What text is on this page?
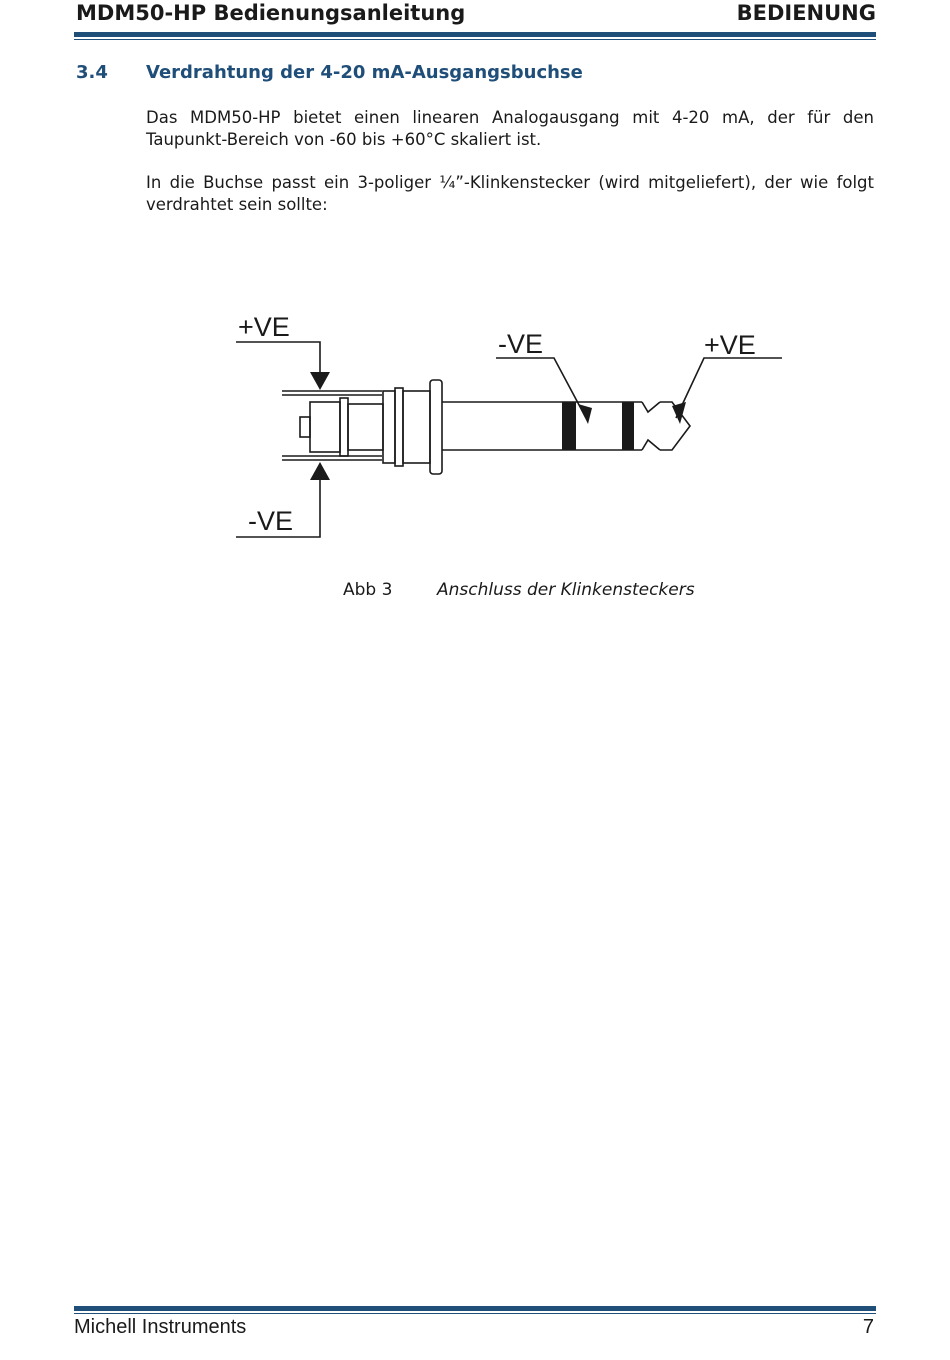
MDM50-HP Bedienungsanleitung	BEDIENUNG
3.4 Verdrahtung der 4-20 mA-Ausgangsbuchse
Das MDM50-HP bietet einen linearen Analogausgang mit 4-20 mA, der für den Taupunkt-Bereich von -60 bis +60°C skaliert ist.
In die Buchse passt ein 3-poliger ¼”-Klinkenstecker (wird mitgeliefert), der wie folgt verdrahtet sein sollte:
+VE
-VE
-VE	+VE
Abb 3	Anschluss der Klinkensteckers
Michell Instruments	7
